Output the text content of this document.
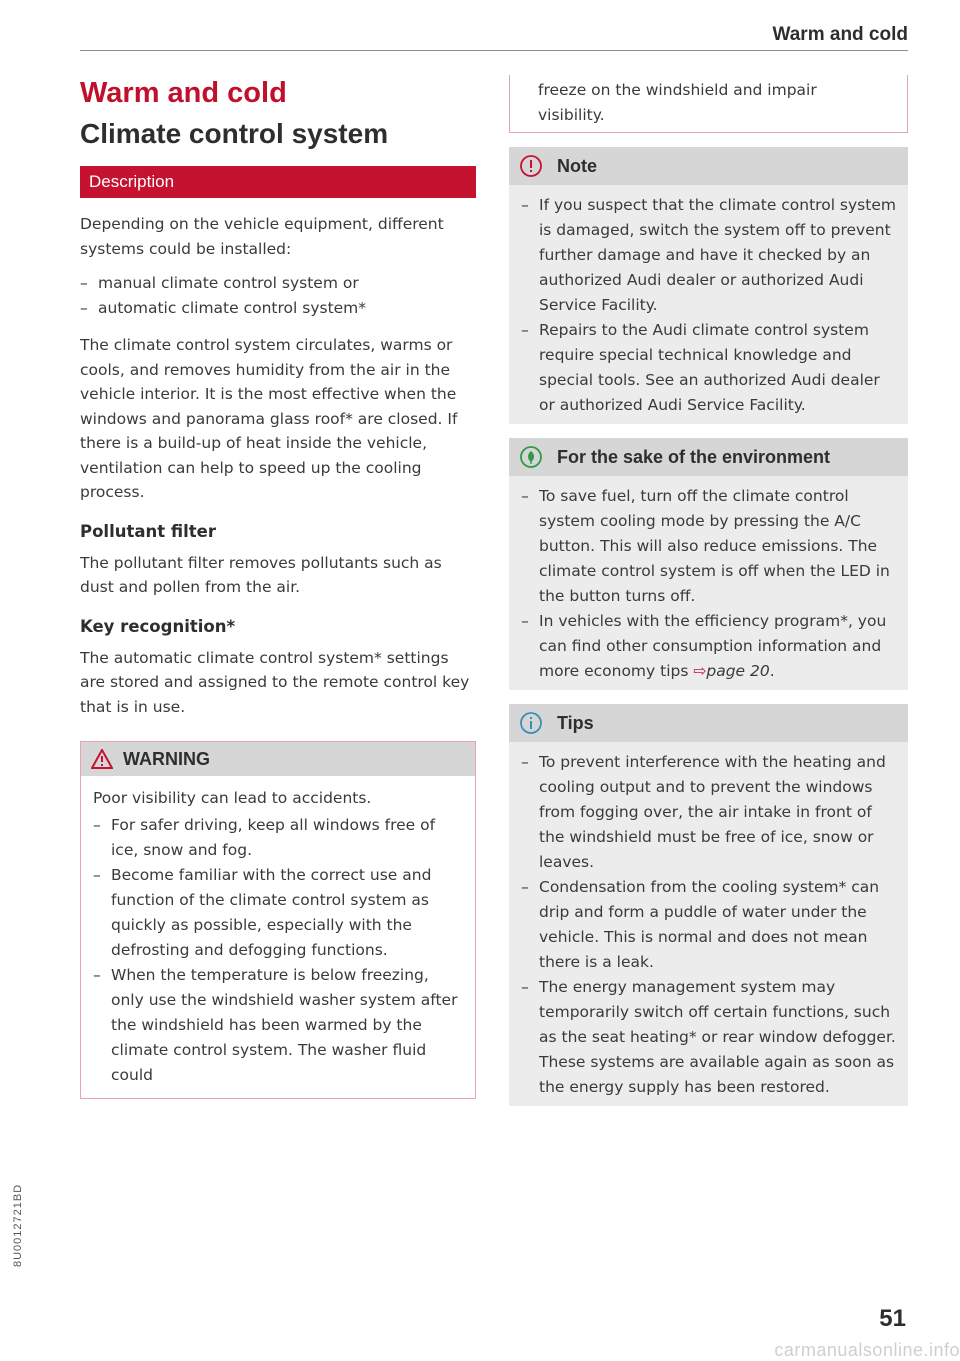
Warm and cold
Warm and cold
Climate control system
Description

Depending on the vehicle equipment, different systems could be installed:

– manual climate control system or
– automatic climate control system*

The climate control system circulates, warms or cools, and removes humidity from the air in the vehicle interior. It is the most effective when the windows and panorama glass roof* are closed. If there is a build-up of heat inside the vehicle, ventilation can help to speed up the cooling process.

Pollutant filter

The pollutant filter removes pollutants such as dust and pollen from the air.

Key recognition*

The automatic climate control system* settings are stored and assigned to the remote control key that is in use.

WARNING

Poor visibility can lead to accidents.

– For safer driving, keep all windows free of ice, snow and fog.
– Become familiar with the correct use and function of the climate control system as quickly as possible, especially with the defrosting and defogging functions.
– When the temperature is below freezing, only use the windshield washer system after the windshield has been warmed by the climate control system. The washer fluid could

freeze on the windshield and impair visibility.

Note
– If you suspect that the climate control system is damaged, switch the system off to prevent further damage and have it checked by an authorized Audi dealer or authorized Audi Service Facility.
– Repairs to the Audi climate control system require special technical knowledge and special tools. See an authorized Audi dealer or authorized Audi Service Facility.
For the sake of the environment
– To save fuel, turn off the climate control system cooling mode by pressing the A/C button. This will also reduce emissions. The climate control system is off when the LED in the button turns off.
– In vehicles with the efficiency program*, you can find other consumption information and more economy tips ⇨page 20.
Tips
– To prevent interference with the heating and cooling output and to prevent the windows from fogging over, the air intake in front of the windshield must be free of ice, snow or leaves.
– Condensation from the cooling system* can drip and form a puddle of water under the vehicle. This is normal and does not mean there is a leak.
– The energy management system may temporarily switch off certain functions, such as the seat heating* or rear window defogger. These systems are available again as soon as the energy supply has been restored.
8U0012721BD
51
carmanualsonline.info
